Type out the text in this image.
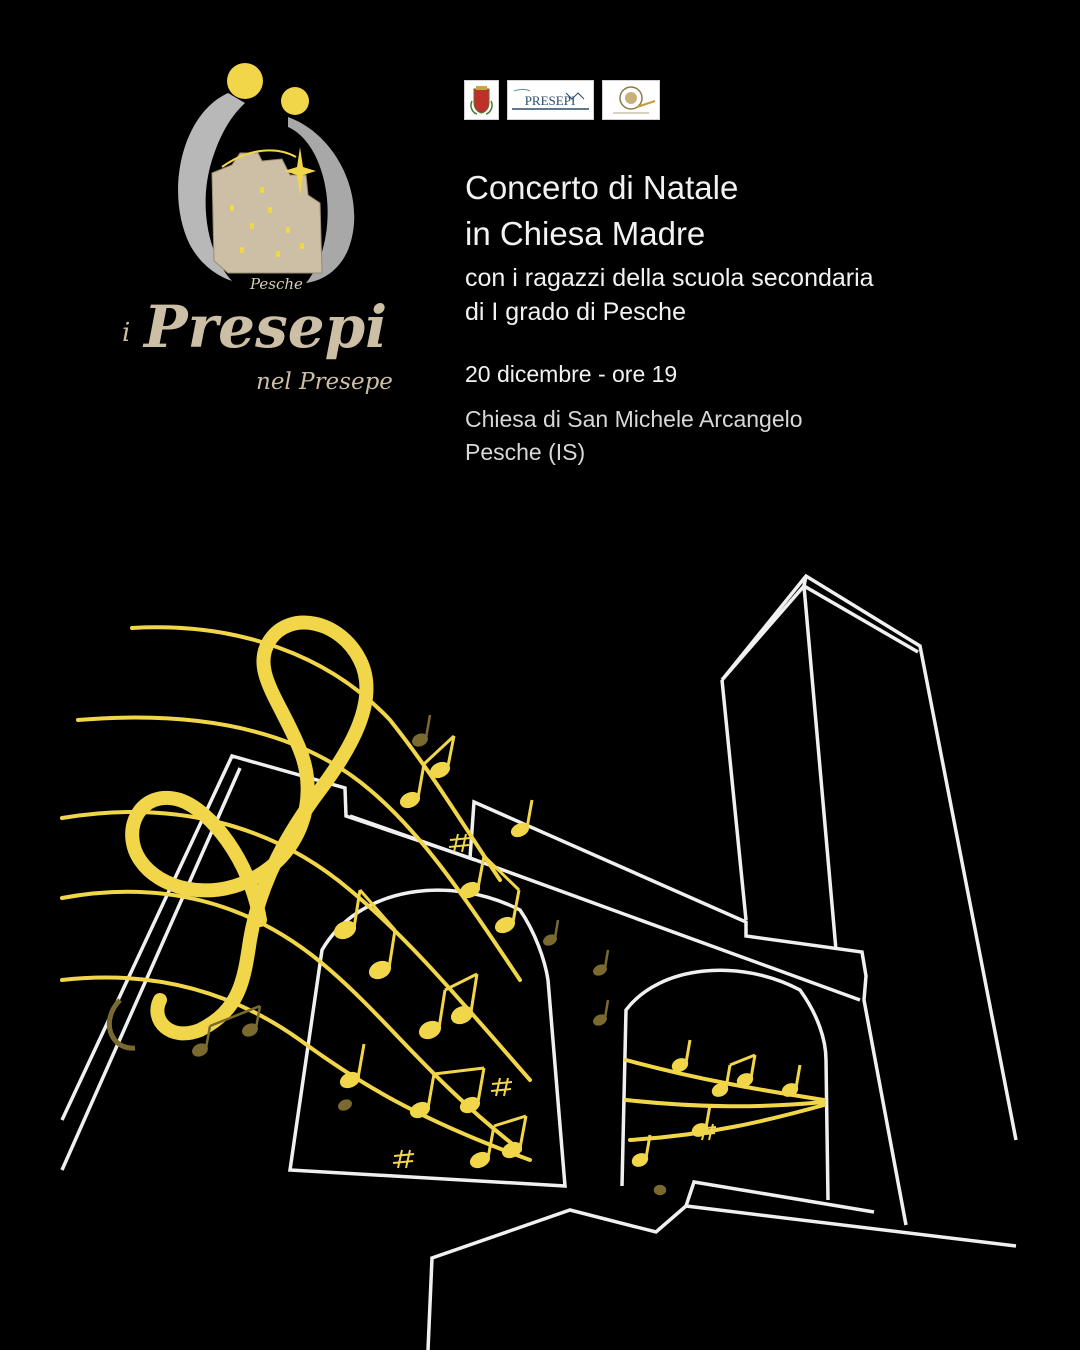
Pesche
i Presepi
nel Presepe
PRESEPI
Concerto di Natale
in Chiesa Madre

con i ragazzi della scuola secondaria

di I grado di Pesche

20 dicembre - ore 19

Chiesa di San Michele Arcangelo

Pesche (IS)
